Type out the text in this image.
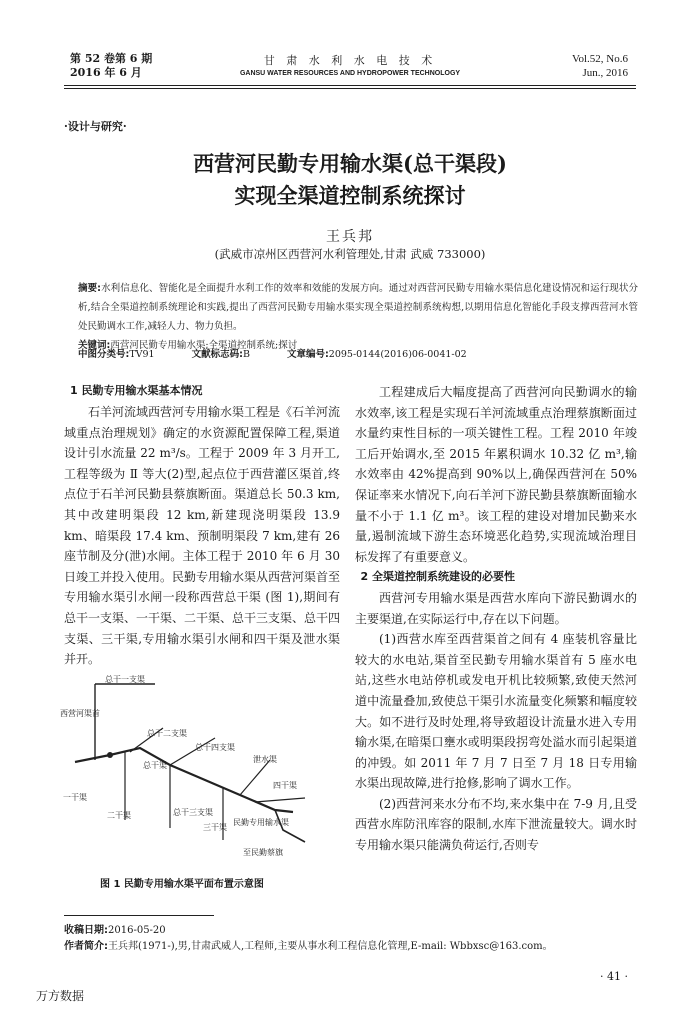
第 52 卷第 6 期
2016 年 6 月
甘 肃 水 利 水 电 技 术
GANSU WATER RESOURCES AND HYDROPOWER TECHNOLOGY
Vol.52, No.6
Jun., 2016
·设计与研究·
西营河民勤专用输水渠(总干渠段)
实现全渠道控制系统探讨
王兵邦
(武威市凉州区西营河水利管理处,甘肃 武威 733000)
摘要:水利信息化、智能化是全面提升水利工作的效率和效能的发展方向。通过对西营河民勤专用输水渠信息化建设情况和运行现状分析,结合全渠道控制系统理论和实践,提出了西营河民勤专用输水渠实现全渠道控制系统构想,以期用信息化智能化手段支撑西营河水管处民勤调水工作,减轻人力、物力负担。
关键词:西营河民勤专用输水渠;全渠道控制系统;探讨
中图分类号:TV91	文献标志码:B	文章编号:2095-0144(2016)06-0041-02
1 民勤专用输水渠基本情况

石羊河流域西营河专用输水渠工程是《石羊河流域重点治理规划》确定的水资源配置保障工程,渠道设计引水流量 22 m³/s。工程于 2009 年 3 月开工,工程等级为 Ⅱ 等大(2)型,起点位于西营灌区渠首,终点位于石羊河民勤县蔡旗断面。渠道总长 50.3 km,其中改建明渠段 12 km,新建现浇明渠段 13.9 km、暗渠段 17.4 km、预制明渠段 7 km,建有 26 座节制及分(泄)水闸。主体工程于 2010 年 6 月 30 日竣工并投入使用。民勤专用输水渠从西营河渠首至专用输水渠引水闸一段称西营总干渠 (图 1),期间有总干一支渠、一干渠、二干渠、总干三支渠、总干四支渠、三干渠,专用输水渠引水闸和四干渠及泄水渠并开。

西营河渠首
总干一支渠
总干二支渠
总干四支渠
一干渠
二干渠	总干三支渠
三干渠
四干渠
总干渠
泄水渠
民勤专用输水渠
至民勤蔡旗
图 1 民勤专用输水渠平面布置示意图

工程建成后大幅度提高了西营河向民勤调水的输水效率,该工程是实现石羊河流域重点治理蔡旗断面过水量约束性目标的一项关键性工程。工程 2010 年竣工后开始调水,至 2015 年累积调水 10.32 亿 m³,输水效率由 42%提高到 90%以上,确保西营河在 50%保证率来水情况下,向石羊河下游民勤县蔡旗断面输水量不小于 1.1 亿 m³。该工程的建设对增加民勤来水量,遏制流域下游生态环境恶化趋势,实现流域治理目标发挥了有重要意义。

2 全渠道控制系统建设的必要性

西营河专用输水渠是西营水库向下游民勤调水的主要渠道,在实际运行中,存在以下问题。

(1)西营水库至西营渠首之间有 4 座装机容量比较大的水电站,渠首至民勤专用输水渠首有 5 座水电站,这些水电站停机或发电开机比较频繁,致使天然河道中流量叠加,致使总干渠引水流量变化频繁和幅度较大。如不进行及时处理,将导致超设计流量水进入专用输水渠,在暗渠口壅水或明渠段拐弯处溢水而引起渠道的冲毁。如 2011 年 7 月 7 日至 7 月 18 日专用输水渠出现故障,进行抢修,影响了调水工作。

(2)西营河来水分布不均,来水集中在 7-9 月,且受西营水库防汛库容的限制,水库下泄流量较大。调水时专用输水渠只能满负荷运行,否则专

收稿日期:2016-05-20
作者简介:王兵邦(1971-),男,甘肃武威人,工程师,主要从事水利工程信息化管理,E-mail: Wbbxsc@163.com。
· 41 ·
万方数据
